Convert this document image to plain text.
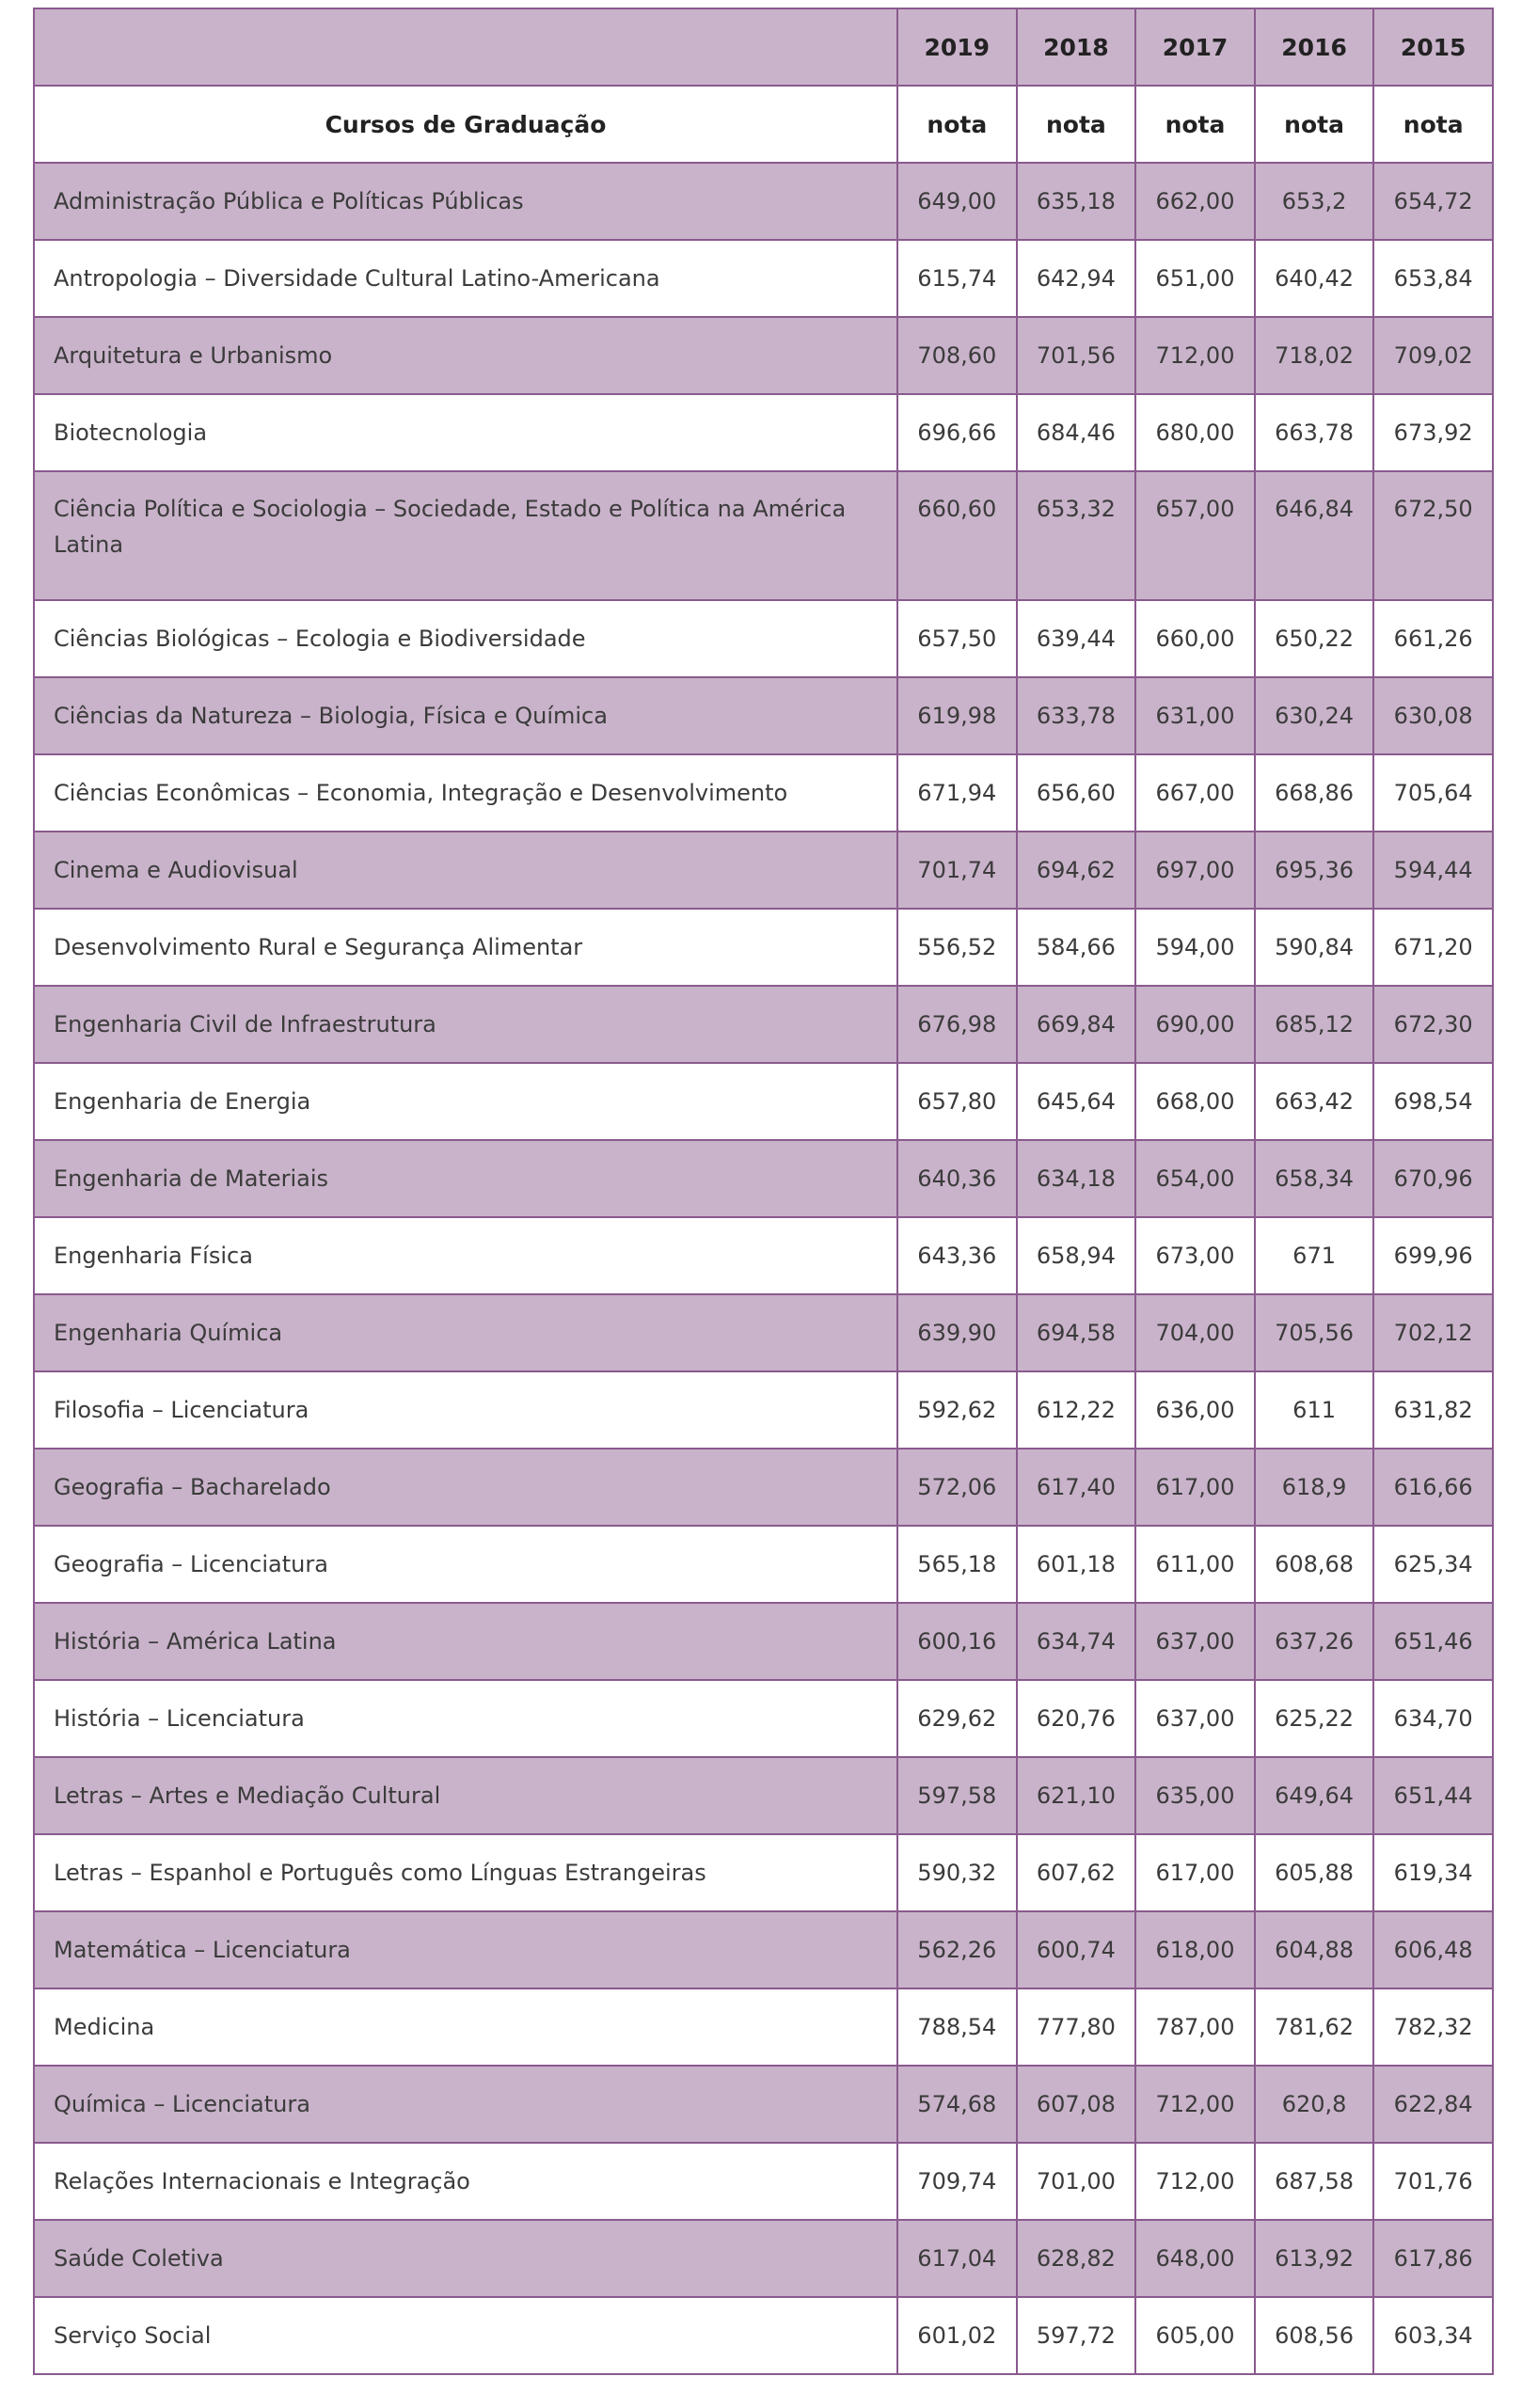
	2019	2018	2017	2016	2015
Cursos de Graduação	nota	nota	nota	nota	nota
Administração Pública e Políticas Públicas	649,00	635,18	662,00	653,2	654,72
Antropologia – Diversidade Cultural Latino-Americana	615,74	642,94	651,00	640,42	653,84
Arquitetura e Urbanismo	708,60	701,56	712,00	718,02	709,02
Biotecnologia	696,66	684,46	680,00	663,78	673,92
Ciência Política e Sociologia – Sociedade, Estado e Política na América Latina	660,60	653,32	657,00	646,84	672,50
Ciências Biológicas – Ecologia e Biodiversidade	657,50	639,44	660,00	650,22	661,26
Ciências da Natureza – Biologia, Física e Química	619,98	633,78	631,00	630,24	630,08
Ciências Econômicas – Economia, Integração e Desenvolvimento	671,94	656,60	667,00	668,86	705,64
Cinema e Audiovisual	701,74	694,62	697,00	695,36	594,44
Desenvolvimento Rural e Segurança Alimentar	556,52	584,66	594,00	590,84	671,20
Engenharia Civil de Infraestrutura	676,98	669,84	690,00	685,12	672,30
Engenharia de Energia	657,80	645,64	668,00	663,42	698,54
Engenharia de Materiais	640,36	634,18	654,00	658,34	670,96
Engenharia Física	643,36	658,94	673,00	671	699,96
Engenharia Química	639,90	694,58	704,00	705,56	702,12
Filosofia – Licenciatura	592,62	612,22	636,00	611	631,82
Geografia – Bacharelado	572,06	617,40	617,00	618,9	616,66
Geografia – Licenciatura	565,18	601,18	611,00	608,68	625,34
História – América Latina	600,16	634,74	637,00	637,26	651,46
História – Licenciatura	629,62	620,76	637,00	625,22	634,70
Letras – Artes e Mediação Cultural	597,58	621,10	635,00	649,64	651,44
Letras – Espanhol e Português como Línguas Estrangeiras	590,32	607,62	617,00	605,88	619,34
Matemática – Licenciatura	562,26	600,74	618,00	604,88	606,48
Medicina	788,54	777,80	787,00	781,62	782,32
Química – Licenciatura	574,68	607,08	712,00	620,8	622,84
Relações Internacionais e Integração	709,74	701,00	712,00	687,58	701,76
Saúde Coletiva	617,04	628,82	648,00	613,92	617,86
Serviço Social	601,02	597,72	605,00	608,56	603,34
